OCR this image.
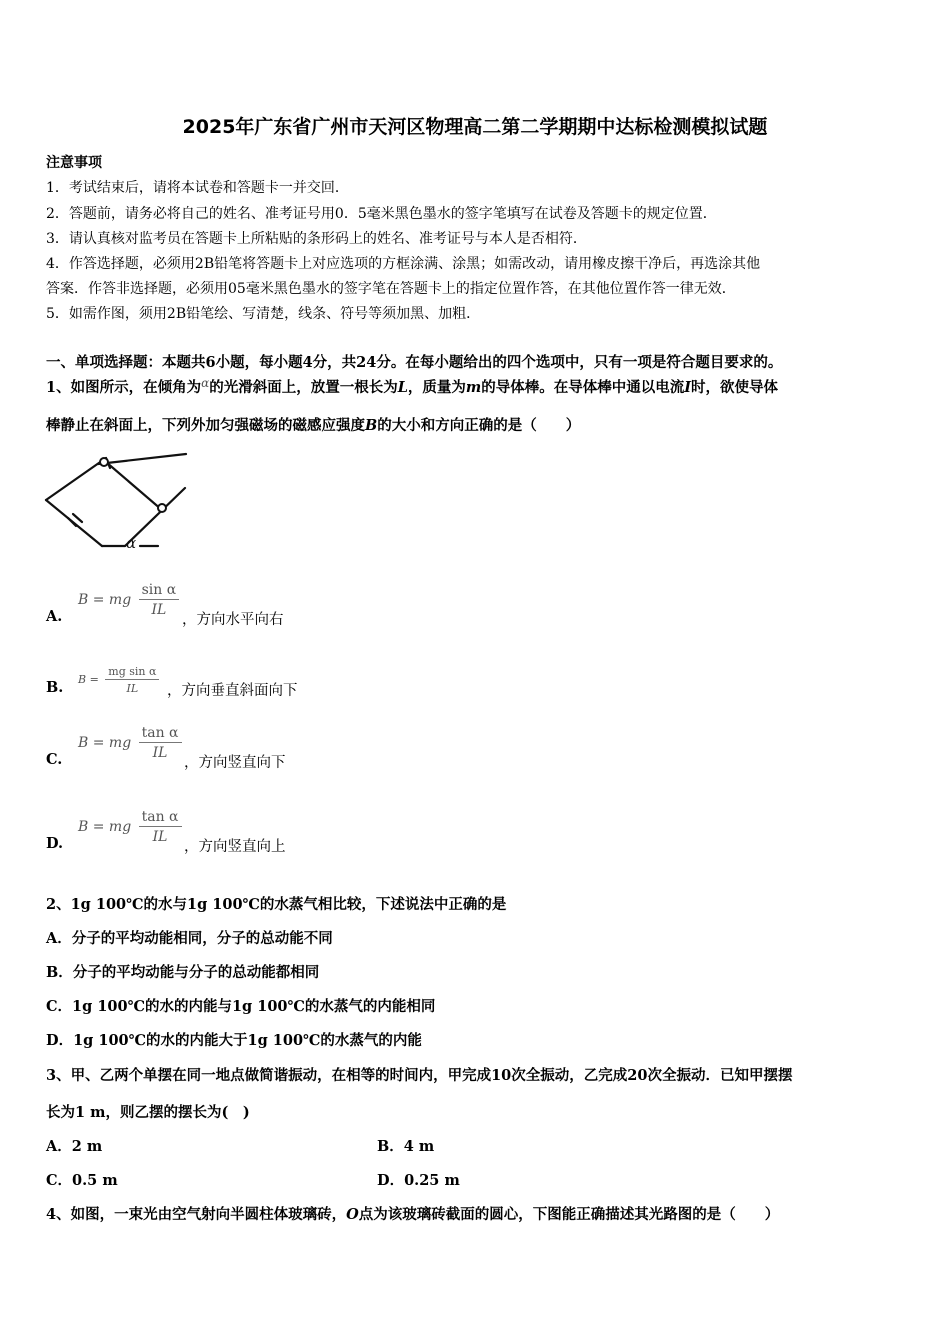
2025年广东省广州市天河区物理高二第二学期期中达标检测模拟试题
注意事项
1．考试结束后，请将本试卷和答题卡一并交回．
2．答题前，请务必将自己的姓名、准考证号用0．5毫米黑色墨水的签字笔填写在试卷及答题卡的规定位置．
3．请认真核对监考员在答题卡上所粘贴的条形码上的姓名、准考证号与本人是否相符．
4．作答选择题，必须用2B铅笔将答题卡上对应选项的方框涂满、涂黑；如需改动，请用橡皮擦干净后，再选涂其他
答案．作答非选择题，必须用05毫米黑色墨水的签字笔在答题卡上的指定位置作答，在其他位置作答一律无效．
5．如需作图，须用2B铅笔绘、写清楚，线条、符号等须加黑、加粗．
一、单项选择题：本题共6小题，每小题4分，共24分。在每小题给出的四个选项中，只有一项是符合题目要求的。
1、如图所示，在倾角为$^\alpha$的光滑斜面上，放置一根长为L，质量为m的导体棒。在导体棒中通以电流I时，欲使导体
棒静止在斜面上，下列外加匀强磁场的磁感应强度B的大小和方向正确的是（　　）
α
A.
B = mg $\frac{\text{sin α}}{IL}$
，方向水平向右
B. $B = \frac{\text{mg sin α}}{IL}$ ，方向垂直斜面向下
C.
B = mg $\frac{\text{tan α}}{IL}$
，方向竖直向下
D.
B = mg $\frac{\text{tan α}}{IL}$
，方向竖直向上
2、1g 100℃的水与1g 100℃的水蒸气相比较，下述说法中正确的是
A．分子的平均动能相同，分子的总动能不同
B．分子的平均动能与分子的总动能都相同
C．1g 100℃的水的内能与1g 100℃的水蒸气的内能相同
D．1g 100℃的水的内能大于1g 100℃的水蒸气的内能
3、甲、乙两个单摆在同一地点做简谐振动，在相等的时间内，甲完成10次全振动，乙完成20次全振动．已知甲摆摆
长为1 m，则乙摆的摆长为(　)
A．2 m	B．4 m
C．0.5 m	D．0.25 m
4、如图，一束光由空气射向半圆柱体玻璃砖，O点为该玻璃砖截面的圆心，下图能正确描述其光路图的是（　　）
